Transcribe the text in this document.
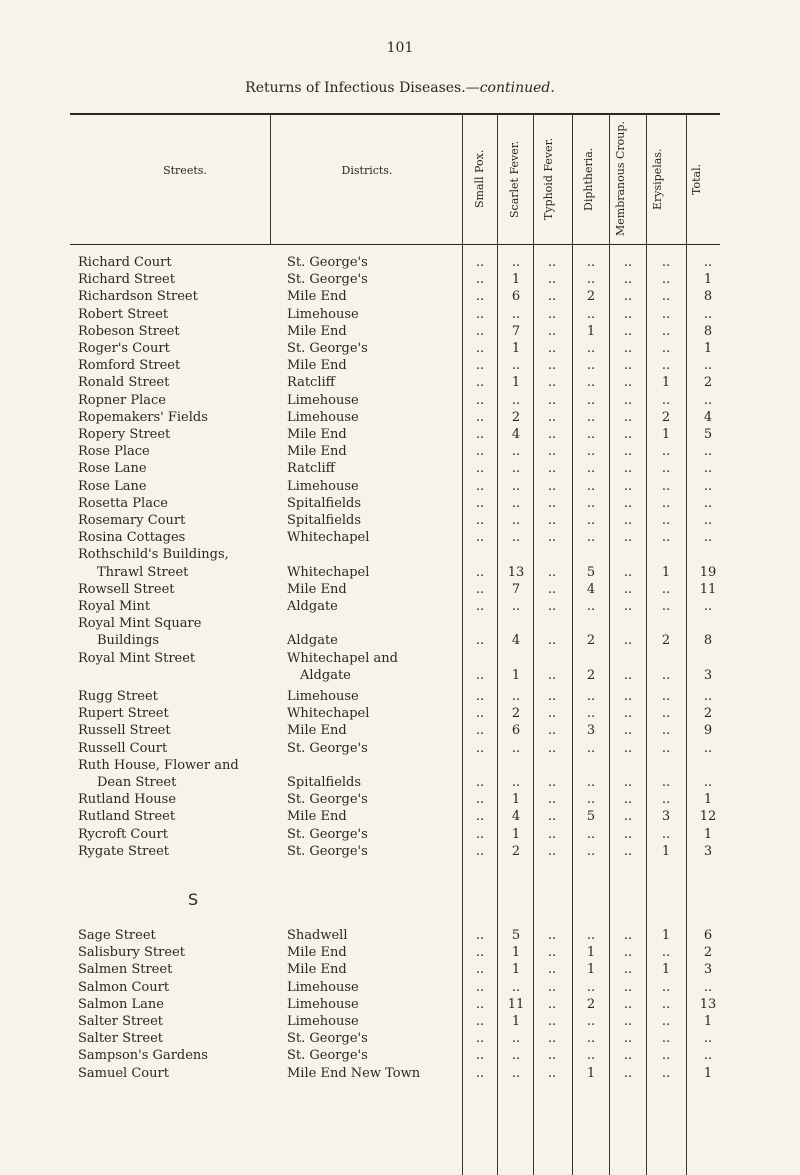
101
Returns of Infectious Diseases.—continued.
Streets.	Districts.	Small Pox. Scarlet Fever. Typhoid Fever. Diphtheria. Membranous Croup.	Erysipelas. Total.
Richard Court	St. George's	..	..	..	..	..	..	..
Richard Street	St. George's	..	1	..	..	..	..	1
Richardson Street	Mile End	..	6	..	2	..	..	8
Robert Street	Limehouse	..	..	..	..	..	..	..
Robeson Street	Mile End	..	7	..	1	..	..	8
Roger's Court	St. George's	..	1	..	..	..	..	1
Romford Street	Mile End	..	..	..	..	..	..	..
Ronald Street	Ratcliff	..	1	..	..	..	1	2
Ropner Place	Limehouse	..	..	..	..	..	..	..
Ropemakers' Fields	Limehouse	..	2	..	..	..	2	4
Ropery Street	Mile End	..	4	..	..	..	1	5
Rose Place	Mile End	..	..	..	..	..	..	..
Rose Lane	Ratcliff	..	..	..	..	..	..	..
Rose Lane	Limehouse	..	..	..	..	..	..	..
Rosetta Place	Spitalfields	..	..	..	..	..	..	..
Rosemary Court	Spitalfields	..	..	..	..	..	..	..
Rosina Cottages	Whitechapel	..	..	..	..	..	..	..
Rothschild's Buildings,
Thrawl Street	Whitechapel	..	13	..	5	..	1	19
Rowsell Street	Mile End	..	7	..	4	..	..	11
Royal Mint	Aldgate	..	..	..	..	..	..	..
Royal Mint Square
Buildings	Aldgate	..	4	..	2	..	2	8
Royal Mint Street	Whitechapel and
Aldgate	..	1	..	2	..	..	3
Rugg Street	Limehouse	..	..	..	..	..	..	..
Rupert Street	Whitechapel	..	2	..	..	..	..	2
Russell Street	Mile End	..	6	..	3	..	..	9
Russell Court	St. George's	..	..	..	..	..	..	..
Ruth House, Flower and
Dean Street	Spitalfields	..	..	..	..	..	..	..
Rutland House	St. George's	..	1	..	..	..	..	1
Rutland Street	Mile End	..	4	..	5	..	3	12
Rycroft Court	St. George's	..	1	..	..	..	..	1
Rygate Street	St. George's	..	2	..	..	..	1	3
Sage Street	Shadwell	..	5	..	..	..	1	6
Salisbury Street	Mile End	..	1	..	1	..	..	2
Salmen Street	Mile End	..	1	..	1	..	1	3
Salmon Court	Limehouse	..	..	..	..	..	..	..
Salmon Lane	Limehouse	..	11	..	2	..	..	13
Salter Street	Limehouse	..	1	..	..	..	..	1
Salter Street	St. George's	..	..	..	..	..	..	..
Sampson's Gardens	St. George's	..	..	..	..	..	..	..
Samuel Court	Mile End New Town	..	..	..	1	..	..	1
S
